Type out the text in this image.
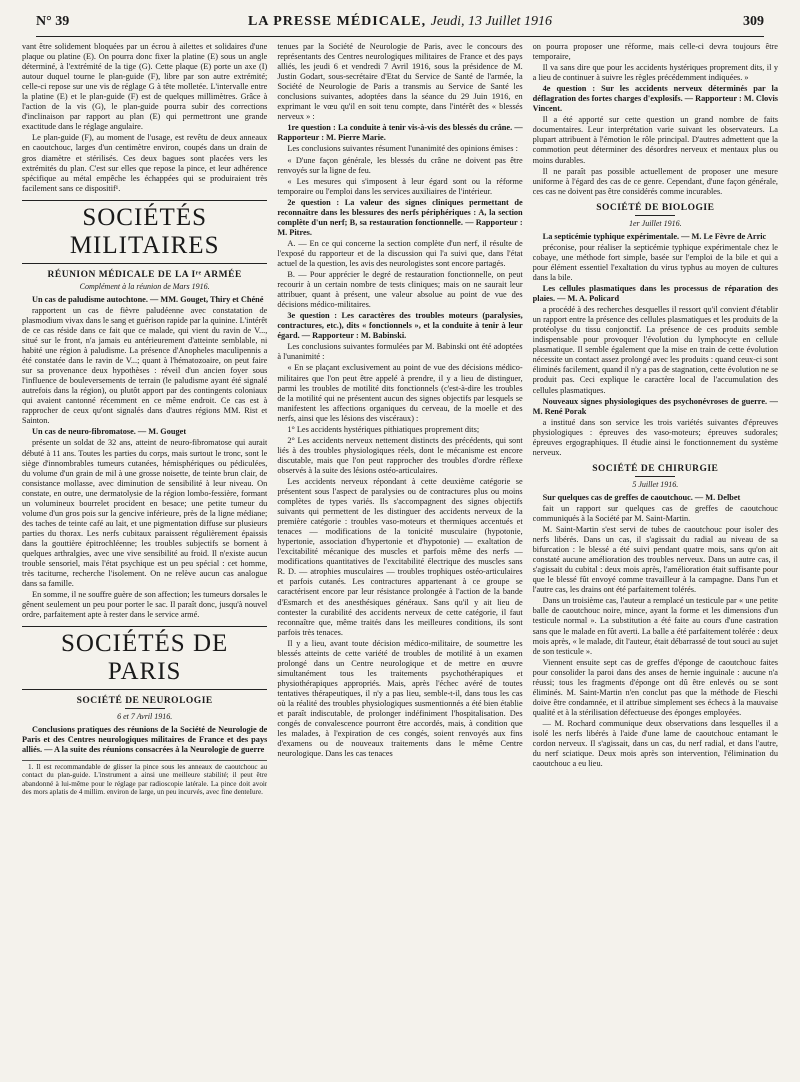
N° 39	LA PRESSE MÉDICALE, Jeudi, 13 Juillet 1916	309

vant être solidement bloquées par un écrou à ailettes et solidaires d'une plaque ou platine (E). On pourra donc fixer la platine (E) sous un angle déterminé, à l'extrémité de la tige (G). Cette plaque (E) porte un axe (I) autour duquel tourne le plan-guide (F), libre par son autre extrémité; celle-ci repose sur une vis de réglage G à tête molletée. L'intervalle entre la platine (E) et le plan-guide (F) est de quelques millimètres. Grâce à l'action de la vis (G), le plan-guide pourra subir des corrections d'inclinaison par rapport au plan (E) qui permettront une grande exactitude dans le réglage angulaire.

Le plan-guide (F), au moment de l'usage, est revêtu de deux anneaux en caoutchouc, larges d'un centimètre environ, coupés dans un drain de gros diamètre et stérilisés. Ces deux bagues sont placées vers les extrémités du plan. C'est sur elles que repose la pince, et leur adhérence spécifique au métal empêche les échappées qui se produiraient très facilement sans ce dispositif¹.

SOCIÉTÉS MILITAIRES
RÉUNION MÉDICALE DE LA Iʳᵉ ARMÉE
Complément à la réunion de Mars 1916.

Un cas de paludisme autochtone. — MM. Gouget, Thiry et Chéné

rapportent un cas de fièvre paludéenne avec constatation de plasmodium vivax dans le sang et guérison rapide par la quinine. L'intérêt de ce cas réside dans ce fait que ce malade, qui vient du ravin de V..., situé sur le front, n'a jamais eu antérieurement d'atteinte semblable, ni habité une région à paludisme. La présence d'Anopheles maculipennis a été constatée dans le ravin de V...; quant à l'hématozoaire, on peut faire sur sa provenance deux hypothèses : réveil d'un ancien foyer sous l'influence de bouleversements de terrain (le paludisme ayant été signalé autrefois dans la région), ou plutôt apport par des contingents coloniaux qui avaient cantonné récemment en ce même endroit. Ce cas est à rapprocher de ceux qu'ont signalés dans d'autres régions MM. Rist et Sainton.

Un cas de neuro-fibromatose. — M. Gouget

présente un soldat de 32 ans, atteint de neuro-fibromatose qui aurait débuté à 11 ans. Toutes les parties du corps, mais surtout le tronc, sont le siège d'innombrables tumeurs cutanées, hémisphériques ou pédiculées, du volume d'un grain de mil à une grosse noisette, de teinte brun clair, de consistance mollasse, avec diminution de sensibilité à leur niveau. On constate, en outre, une dermatolysie de la région lombo-fessière, formant un volumineux bourrelet procident en besace; une petite tumeur du volume d'un gros pois sur la gencive inférieure, près de la ligne médiane; des taches de teinte café au lait, et une pigmentation diffuse sur plusieurs parties du thorax. Les nerfs cubitaux paraissent régulièrement épaissis dans la gouttière épitrochléenne; les troubles subjectifs se bornent à quelques arthralgies, avec une vive sensibilité au froid. Il n'existe aucun trouble sensoriel, mais l'état psychique est un peu spécial : cet homme, très taciturne, recherche l'isolement. On ne relève aucun cas analogue dans sa famille.

En somme, il ne souffre guère de son affection; les tumeurs dorsales le gênent seulement un peu pour porter le sac. Il paraît donc, jusqu'à nouvel ordre, parfaitement apte à rester dans le service armé.

SOCIÉTÉS DE PARIS
SOCIÉTÉ DE NEUROLOGIE
6 et 7 Avril 1916.

Conclusions pratiques des réunions de la Société de Neurologie de Paris et des Centres neurologiques militaires de France et des pays alliés. — A la suite des réunions consacrées à la Neurologie de guerre

1. Il est recommandable de glisser la pince sous les anneaux de caoutchouc au contact du plan-guide. L'instrument a ainsi une meilleure stabilité; il peut être abandonné à lui-même pour le réglage par radioscopie latérale. La pince doit avoir des mors aplatis de 4 millim. environ de large, un peu incurvés, avec fine denteIure.

tenues par la Société de Neurologie de Paris, avec le concours des représentants des Centres neurologiques militaires de France et des pays alliés, les jeudi 6 et vendredi 7 Avril 1916, sous la présidence de M. Justin Godart, sous-secrétaire d'Etat du Service de Santé de l'armée, la Société de Neurologie de Paris a transmis au Service de Santé les conclusions suivantes, adoptées dans la séance du 29 Juin 1916, en exprimant le vœu qu'il en soit tenu compte, dans l'intérêt des « blessés nerveux » :

1re question : La conduite à tenir vis-à-vis des blessés du crâne. — Rapporteur : M. Pierre Marie.

Les conclusions suivantes résument l'unanimité des opinions émises :

« D'une façon générale, les blessés du crâne ne doivent pas être renvoyés sur la ligne de feu.

« Les mesures qui s'imposent à leur égard sont ou la réforme temporaire ou l'emploi dans les services auxiliaires de l'intérieur.

2e question : La valeur des signes cliniques permettant de reconnaître dans les blessures des nerfs périphériques : A, la section complète d'un nerf; B, sa restauration fonctionnelle. — Rapporteur : M. Pitres.

A. — En ce qui concerne la section complète d'un nerf, il résulte de l'exposé du rapporteur et de la discussion qui l'a suivi que, dans l'état actuel de la question, les avis des neurologistes sont encore partagés.

B. — Pour apprécier le degré de restauration fonctionnelle, on peut recourir à un certain nombre de tests cliniques; mais on ne saurait leur attribuer, quant à présent, une valeur absolue au point de vue des décisions médico-militaires.

3e question : Les caractères des troubles moteurs (paralysies, contractures, etc.), dits « fonctionnels », et la conduite à tenir à leur égard. — Rapporteur : M. Babinski.

Les conclusions suivantes formulées par M. Babinski ont été adoptées à l'unanimité :

« En se plaçant exclusivement au point de vue des décisions médico-militaires que l'on peut être appelé à prendre, il y a lieu de distinguer, parmi les troubles de motilité dits fonctionnels (c'est-à-dire les troubles de la motilité qui ne présentent aucun des signes objectifs par lesquels se manifestent les affections organiques du cerveau, de la moelle et des nerfs, ainsi que les lésions des viscéraux) :

1° Les accidents hystériques pithiatiques proprement dits;

2° Les accidents nerveux nettement distincts des précédents, qui sont liés à des troubles physiologiques réels, dont le mécanisme est encore discutable, mais que l'on peut rapprocher des troubles d'ordre réflexe observés à la suite des lésions ostéo-articulaires.

Les accidents nerveux répondant à cette deuxième catégorie se présentent sous l'aspect de paralysies ou de contractures plus ou moins complètes de types variés. Ils s'accompagnent des signes objectifs suivants qui permettent de les distinguer des accidents nerveux de la première catégorie : troubles vaso-moteurs et thermiques accentués et tenaces — modifications de la tonicité musculaire (hypotonie, hypertonie, association d'hypertonie et d'hypotonie) — exaltation de l'excitabilité mécanique des muscles et parfois même des nerfs — modifications quantitatives de l'excitabilité électrique des muscles sans R. D. — atrophies musculaires — troubles trophiques ostéo-articulaires et parfois cutanés. Les contractures appartenant à ce groupe se caractérisent encore par leur résistance prolongée à l'action de la bande d'Esmarch et des anesthésiques généraux. Sans qu'il y ait lieu de contester la curabilité des accidents nerveux de cette catégorie, il faut reconnaître que, même traités dans les meilleures conditions, ils sont parfois très tenaces.

Il y a lieu, avant toute décision médico-militaire, de soumettre les blessés atteints de cette variété de troubles de motilité à un examen prolongé dans un Centre neurologique et de mettre en œuvre simultanément tous les traitements psychothérapiques et physiothérapiques appropriés. Mais, après l'échec avéré de toutes tentatives thérapeutiques, il n'y a pas lieu, semble-t-il, dans tous les cas où la réalité des troubles physiologiques susmentionnés a été bien établie et paraît indiscutable, de prolonger indéfiniment l'hospitalisation. Des congés de convalescence pourront être accordés, mais, à condition que les malades, à l'expiration de ces congés, soient renvoyés aux fins d'examens ou de nouveaux traitements dans le même Centre neurologique. Dans les cas tenaces

on pourra proposer une réforme, mais celle-ci devra toujours être temporaire,

Il va sans dire que pour les accidents hystériques proprement dits, il y a lieu de continuer à suivre les règles précédemment indiquées. »

4e question : Sur les accidents nerveux déterminés par la déflagration des fortes charges d'explosifs. — Rapporteur : M. Clovis Vincent.

Il a été apporté sur cette question un grand nombre de faits documentaires. Leur interprétation varie suivant les observateurs. La plupart attribuent à l'émotion le rôle principal. D'autres admettent que la commotion peut déterminer des désordres nerveux et mentaux plus ou moins durables.

Il ne paraît pas possible actuellement de proposer une mesure uniforme à l'égard des cas de ce genre. Cependant, d'une façon générale, ces cas ne doivent pas être considérés comme incurables.

SOCIÉTÉ DE BIOLOGIE
1er Juillet 1916.

La septicémie typhique expérimentale. — M. Le Fèvre de Arric

préconise, pour réaliser la septicémie typhique expérimentale chez le cobaye, une méthode fort simple, basée sur l'emploi de la bile et qui a pour élément essentiel l'exaltation du virus typhus au moyen de cultures dans la bile.

Les cellules plasmatiques dans les processus de réparation des plaies. — M. A. Policard

a procédé à des recherches desquelles il ressort qu'il convient d'établir un rapport entre la présence des cellules plasmatiques et les produits de la protéolyse du tissu conjonctif. La présence de ces produits semble indispensable pour provoquer l'évolution du lymphocyte en cellule plasmatique. Il semble également que la mise en train de cette évolution nécessite un contact assez prolongé avec les produits : quand ceux-ci sont éliminés facilement, quand il n'y a pas de stagnation, cette évolution ne se produit pas. Ceci explique le caractère local de l'accumulation des cellules plasmatiques.

Nouveaux signes physiologiques des psychonévroses de guerre. — M. René Porak

a institué dans son service les trois variétés suivantes d'épreuves physiologiques : épreuves des vaso-moteurs; épreuves sudorales; épreuves ergographiques. Il étudie ainsi le fonctionnement du système nerveux.

SOCIÉTÉ DE CHIRURGIE
5 Juillet 1916.

Sur quelques cas de greffes de caoutchouc. — M. Delbet

fait un rapport sur quelques cas de greffes de caoutchouc communiqués à la Société par M. Saint-Martin.

M. Saint-Martin s'est servi de tubes de caoutchouc pour isoler des nerfs libérés. Dans un cas, il s'agissait du radial au niveau de sa bifurcation : le blessé a été suivi pendant quatre mois, sans qu'on ait constaté aucune amélioration des troubles nerveux. Dans un autre cas, il s'agissait du cubital : deux mois après, l'amélioration était suffisante pour que le blessé fût envoyé comme travailleur à la campagne. Dans l'un et l'autre cas, les drains ont été parfaitement tolérés.

Dans un troisième cas, l'auteur a remplacé un testicule par « une petite balle de caoutchouc noire, mince, ayant la forme et les dimensions d'un testicule normal ». La substitution a été faite au cours d'une castration sans que le malade en fût averti. La balle a été parfaitement tolérée : deux mois après, « le malade, dit l'auteur, était débarrassé de tout souci au sujet de son testicule ».

Viennent ensuite sept cas de greffes d'éponge de caoutchouc faites pour consolider la paroi dans des anses de hernie inguinale : aucune n'a réussi; tous les fragments d'éponge ont dû être enlevés ou se sont éliminés. M. Saint-Martin n'en conclut pas que la méthode de Fieschi doive être condamnée, et il attribue simplement ses échecs à la mauvaise qualité et à la stérilisation défectueuse des éponges employées.

— M. Rochard communique deux observations dans lesquelles il a isolé les nerfs libérés à l'aide d'une lame de caoutchouc entamant le cordon nerveux. Il s'agissait, dans un cas, du nerf radial, et dans l'autre, du nerf sciatique. Deux mois après son intervention, l'élimination du caoutchouc a eu lieu.
